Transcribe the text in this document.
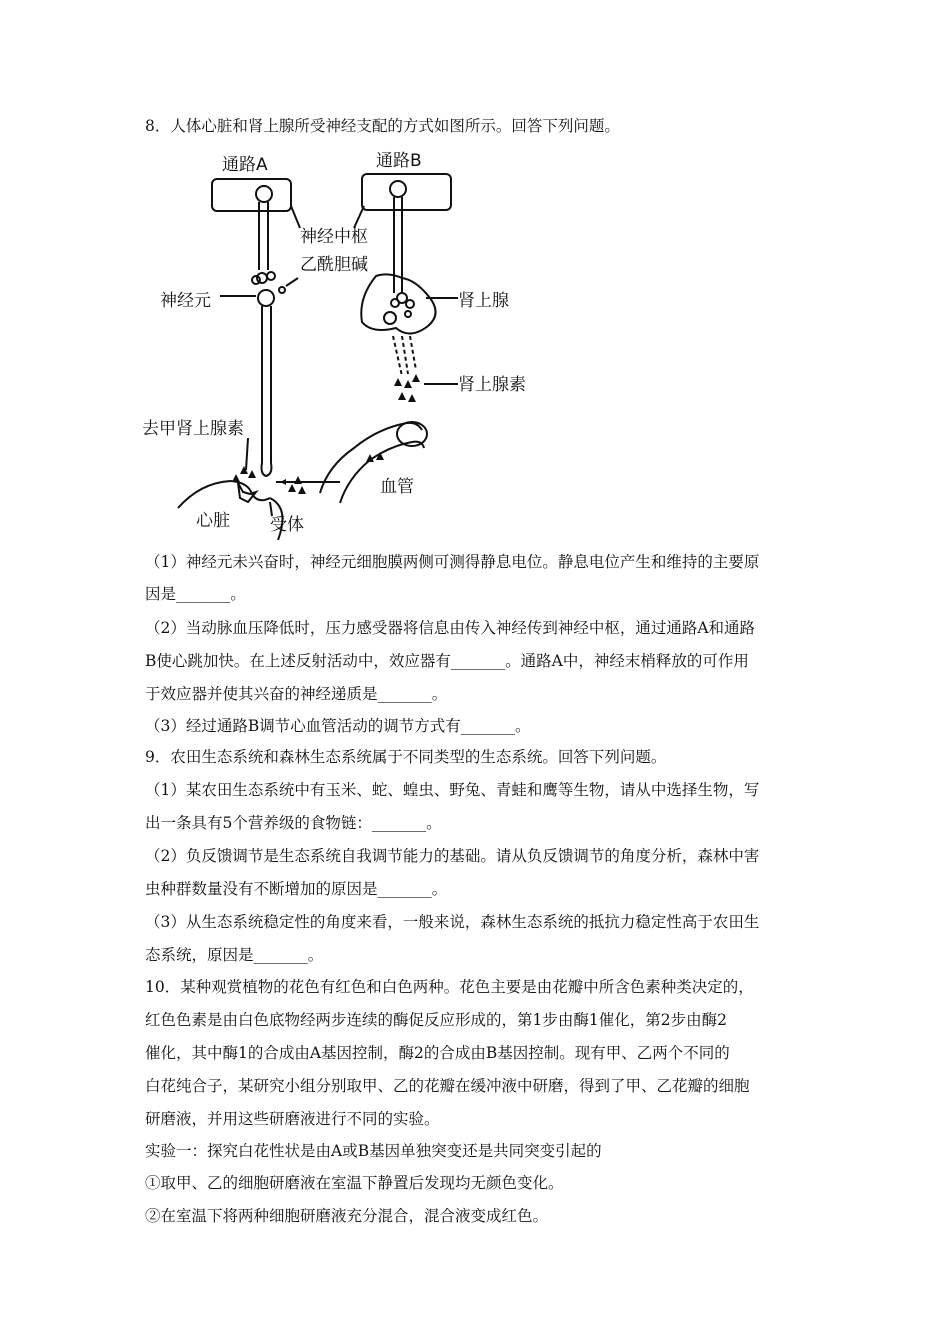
8．人体心脏和肾上腺所受神经支配的方式如图所示。回答下列问题。
通路A	通路B
神经中枢
乙酰胆碱
神经元	肾上腺
肾上腺素
去甲肾上腺素
血管
心脏 受体
（1）神经元未兴奋时，神经元细胞膜两侧可测得静息电位。静息电位产生和维持的主要原
因是_______。
（2）当动脉血压降低时，压力感受器将信息由传入神经传到神经中枢，通过通路A和通路
B使心跳加快。在上述反射活动中，效应器有_______。通路A中，神经末梢释放的可作用
于效应器并使其兴奋的神经递质是_______。
（3）经过通路B调节心血管活动的调节方式有_______。
9．农田生态系统和森林生态系统属于不同类型的生态系统。回答下列问题。
（1）某农田生态系统中有玉米、蛇、蝗虫、野兔、青蛙和鹰等生物，请从中选择生物，写
出一条具有5个营养级的食物链：_______。
（2）负反馈调节是生态系统自我调节能力的基础。请从负反馈调节的角度分析，森林中害
虫种群数量没有不断增加的原因是_______。
（3）从生态系统稳定性的角度来看，一般来说，森林生态系统的抵抗力稳定性高于农田生
态系统，原因是_______。
10．某种观赏植物的花色有红色和白色两种。花色主要是由花瓣中所含色素种类决定的，
红色色素是由白色底物经两步连续的酶促反应形成的，第1步由酶1催化，第2步由酶2
催化，其中酶1的合成由A基因控制，酶2的合成由B基因控制。现有甲、乙两个不同的
白花纯合子，某研究小组分别取甲、乙的花瓣在缓冲液中研磨，得到了甲、乙花瓣的细胞
研磨液，并用这些研磨液进行不同的实验。
实验一：探究白花性状是由A或B基因单独突变还是共同突变引起的
①取甲、乙的细胞研磨液在室温下静置后发现均无颜色变化。
②在室温下将两种细胞研磨液充分混合，混合液变成红色。
